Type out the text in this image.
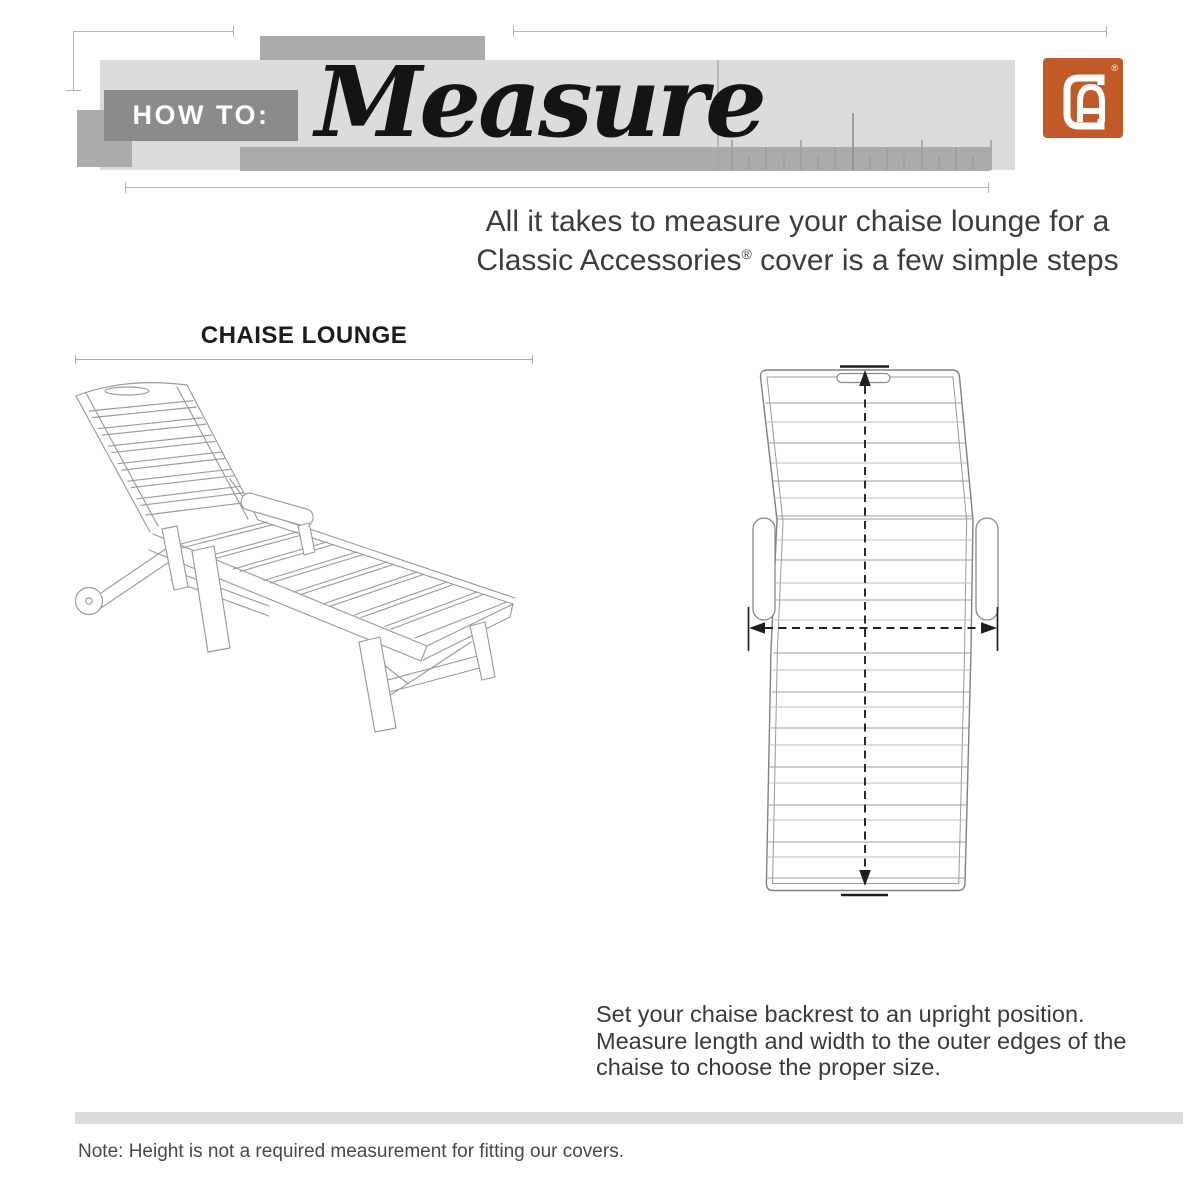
HOW TO: Measure	®
All it takes to measure your chaise lounge for a
Classic Accessories® cover is a few simple steps
CHAISE LOUNGE
Set your chaise backrest to an upright position.
Measure length and width to the outer edges of the
chaise to choose the proper size.
Note: Height is not a required measurement for fitting our covers.
